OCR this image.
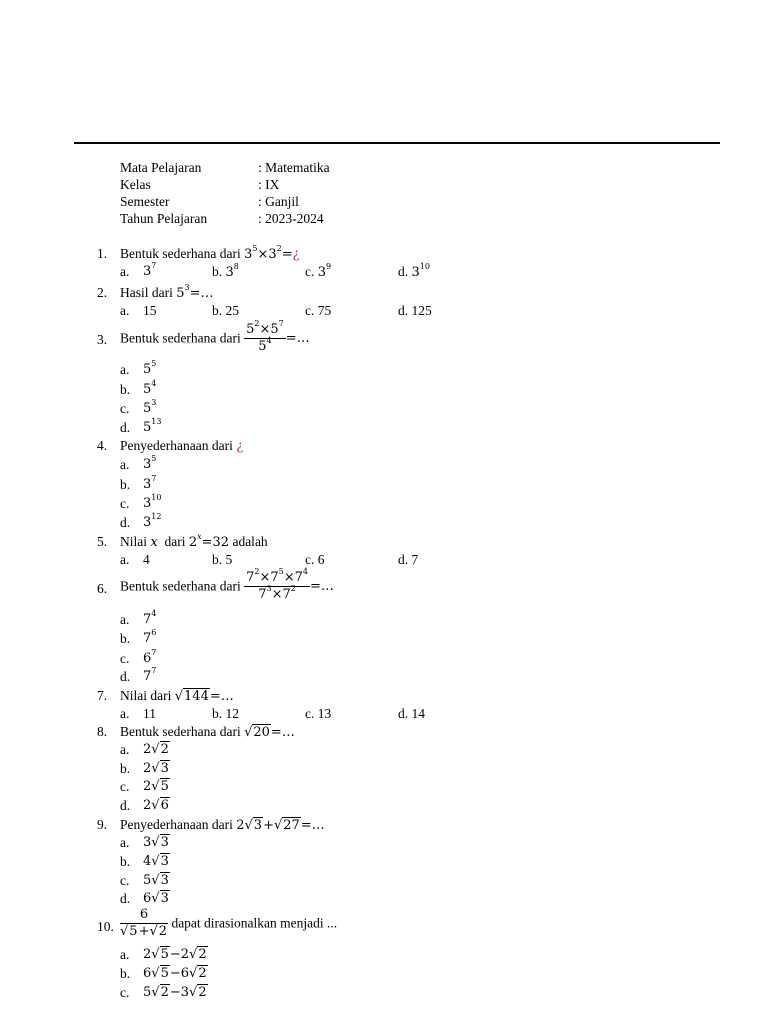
Mata Pelajaran	: Matematika
Kelas	: IX
Semester	: Ganjil
Tahun Pelajaran	: 2023-2024
1. Bentuk sederhana dari $3^5\times 3^2=¿$
a. $3^7$	b. $3^8$	c. $3^9$	d. $3^{10}$
2. Hasil dari $5^3=\dots$
a. 15	b. 25	c. 75	d. 125
3. Bentuk sederhana dari $\frac{5^2\times 5^7}{5^4}$ =…
a. $5^5$
b. $5^4$
c. $5^3$
d. $5^{13}$
4. Penyederhanaan dari ¿
a. $3^5$
b. $3^7$
c. $3^{10}$
d. $3^{12}$
5. Nilai x dari $2^x=32$ adalah
a. 4	b. 5	c. 6	d. 7
6. Bentuk sederhana dari $\frac{7^2\times 7^5\times 7^4}{7^3\times 7^2}$ =…
a. $7^4$
b. $7^6$
c. $6^7$
d. $7^7$
7. Nilai dari √144=…
a. 11	b. 12	c. 13	d. 14
8. Bentuk sederhana dari √20=…
a. 2√2
b. 2√3
c. 2√5
d. 2√6
9. Penyederhanaan dari 2√3+√27=…
a. 3√3
b. 4√3
c. 5√3
d. 6√3
10. $\frac{6}{√5+√2}$ dapat dirasionalkan menjadi ...
a. 2√5−2√2
b. 6√5−6√2
c. 5√2−3√2
